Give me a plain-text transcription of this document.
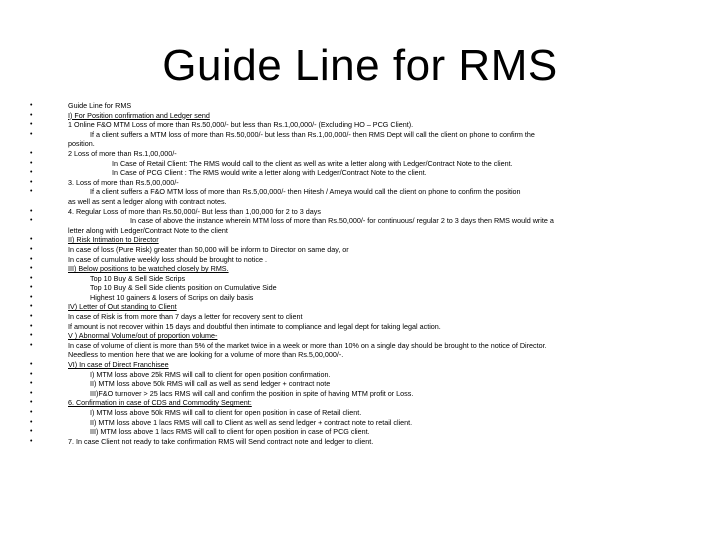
Guide Line for RMS
• Guide Line for RMS
• I) For Position confirmation and Ledger send
• 1 Online F&O MTM Loss of more than Rs.50,000/- but less than Rs.1,00,000/- (Excluding HO – PCG Client).
• If a client suffers a MTM loss of more than Rs.50,000/- but less than Rs.1,00,000/- then RMS Dept will call the client on phone to confirm the
position.
• 2 Loss of more than Rs.1,00,000/-
• In Case of Retail Client: The RMS would call to the client as well as write a letter along with Ledger/Contract Note to the client.
• In Case of PCG Client : The RMS would write a letter along with Ledger/Contract Note to the client.
• 3. Loss of more than Rs.5,00,000/-
• If a client suffers a F&O MTM loss of more than Rs.5,00,000/- then Hitesh / Ameya would call the client on phone to confirm the position
as well as sent a ledger along with contract notes.
• 4. Regular Loss of more than Rs.50,000/- But less than 1,00,000 for 2 to 3 days
• In case of above the instance wherein MTM loss of more than Rs.50,000/- for continuous/ regular 2 to 3 days then RMS would write a
letter along with Ledger/Contract Note to the client
• II) Risk Intimation to Director
• In case of loss (Pure Risk) greater than 50,000 will be inform to Director on same day, or
• In case of cumulative weekly loss should be brought to notice .
• III) Below positions to be watched closely by RMS.
• Top 10 Buy & Sell Side Scrips
• Top 10 Buy & Sell Side clients position on Cumulative Side
• Highest 10 gainers & losers of Scrips on daily basis
• IV) Letter of Out standing to Client
• In case of Risk is from more than 7 days a letter for recovery sent to client
• If amount is not recover within 15 days and doubtful then intimate to compliance and legal dept for taking legal action.
• V ) Abnormal Volume/out of proportion volume-
• In case of volume of client is more than 5% of the market twice in a week or more than 10% on a single day should be brought to the notice of Director.
Needless to mention here that we are looking for a volume of more than Rs.5,00,000/-.
• VI) In case of Direct Franchisee
• I) MTM loss above 25k RMS will call to client for open position confirmation.
• II) MTM loss above 50k RMS will call as well as send ledger + contract note
• III)F&O turnover > 25 lacs RMS will call and confirm the position in spite of having MTM profit or Loss.
• 6. Confirmation in case of CDS and Commodity Segment:
• I) MTM loss above 50k RMS will call to client for open position in case of Retail client.
• II) MTM loss above 1 lacs RMS will call to Client as well as send ledger + contract note to retail client.
• III) MTM loss above 1 lacs RMS will call to client for open position in case of PCG client.
• 7. In case Client not ready to take confirmation RMS will Send contract note and ledger to client.
